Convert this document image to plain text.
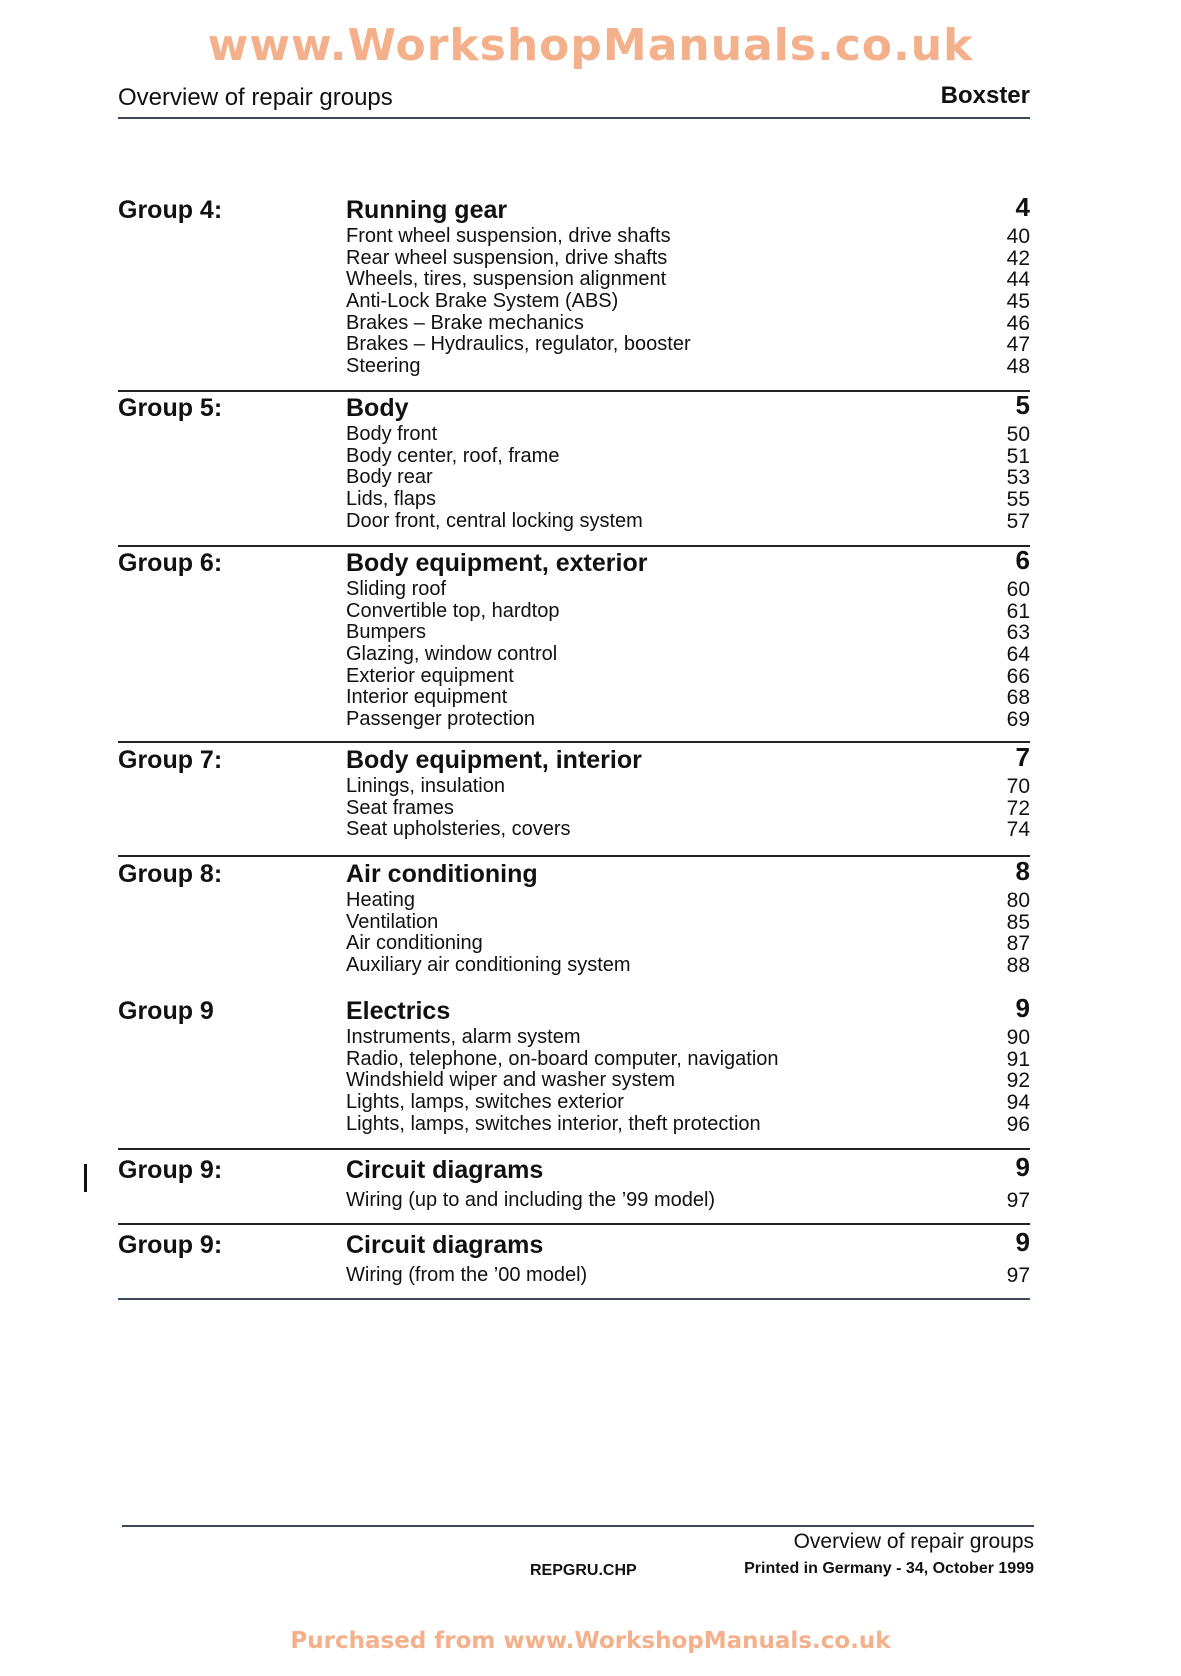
www.WorkshopManuals.co.uk
Overview of repair groups	Boxster
Group 4:	Running gear	4
Front wheel suspension, drive shafts	40
Rear wheel suspension, drive shafts	42
Wheels, tires, suspension alignment	44
Anti-Lock Brake System (ABS)	45
Brakes – Brake mechanics	46
Brakes – Hydraulics, regulator, booster	47
Steering	48
Group 5:	Body	5
Body front	50
Body center, roof, frame	51
Body rear	53
Lids, flaps	55
Door front, central locking system	57
Group 6:	Body equipment, exterior	6
Sliding roof	60
Convertible top, hardtop	61
Bumpers	63
Glazing, window control	64
Exterior equipment	66
Interior equipment	68
Passenger protection	69
Group 7:	Body equipment, interior	7
Linings, insulation	70
Seat frames	72
Seat upholsteries, covers	74
Group 8:	Air conditioning	8
Heating	80
Ventilation	85
Air conditioning	87
Auxiliary air conditioning system	88
Group 9	Electrics	9
Instruments, alarm system	90
Radio, telephone, on-board computer, navigation	91
Windshield wiper and washer system	92
Lights, lamps, switches exterior	94
Lights, lamps, switches interior, theft protection	96
Group 9:	Circuit diagrams	9
Wiring (up to and including the ’99 model)	97
Group 9:	Circuit diagrams	9
Wiring (from the ’00 model)	97
Overview of repair groups
REPGRU.CHP	Printed in Germany - 34, October 1999
Purchased from www.WorkshopManuals.co.uk
